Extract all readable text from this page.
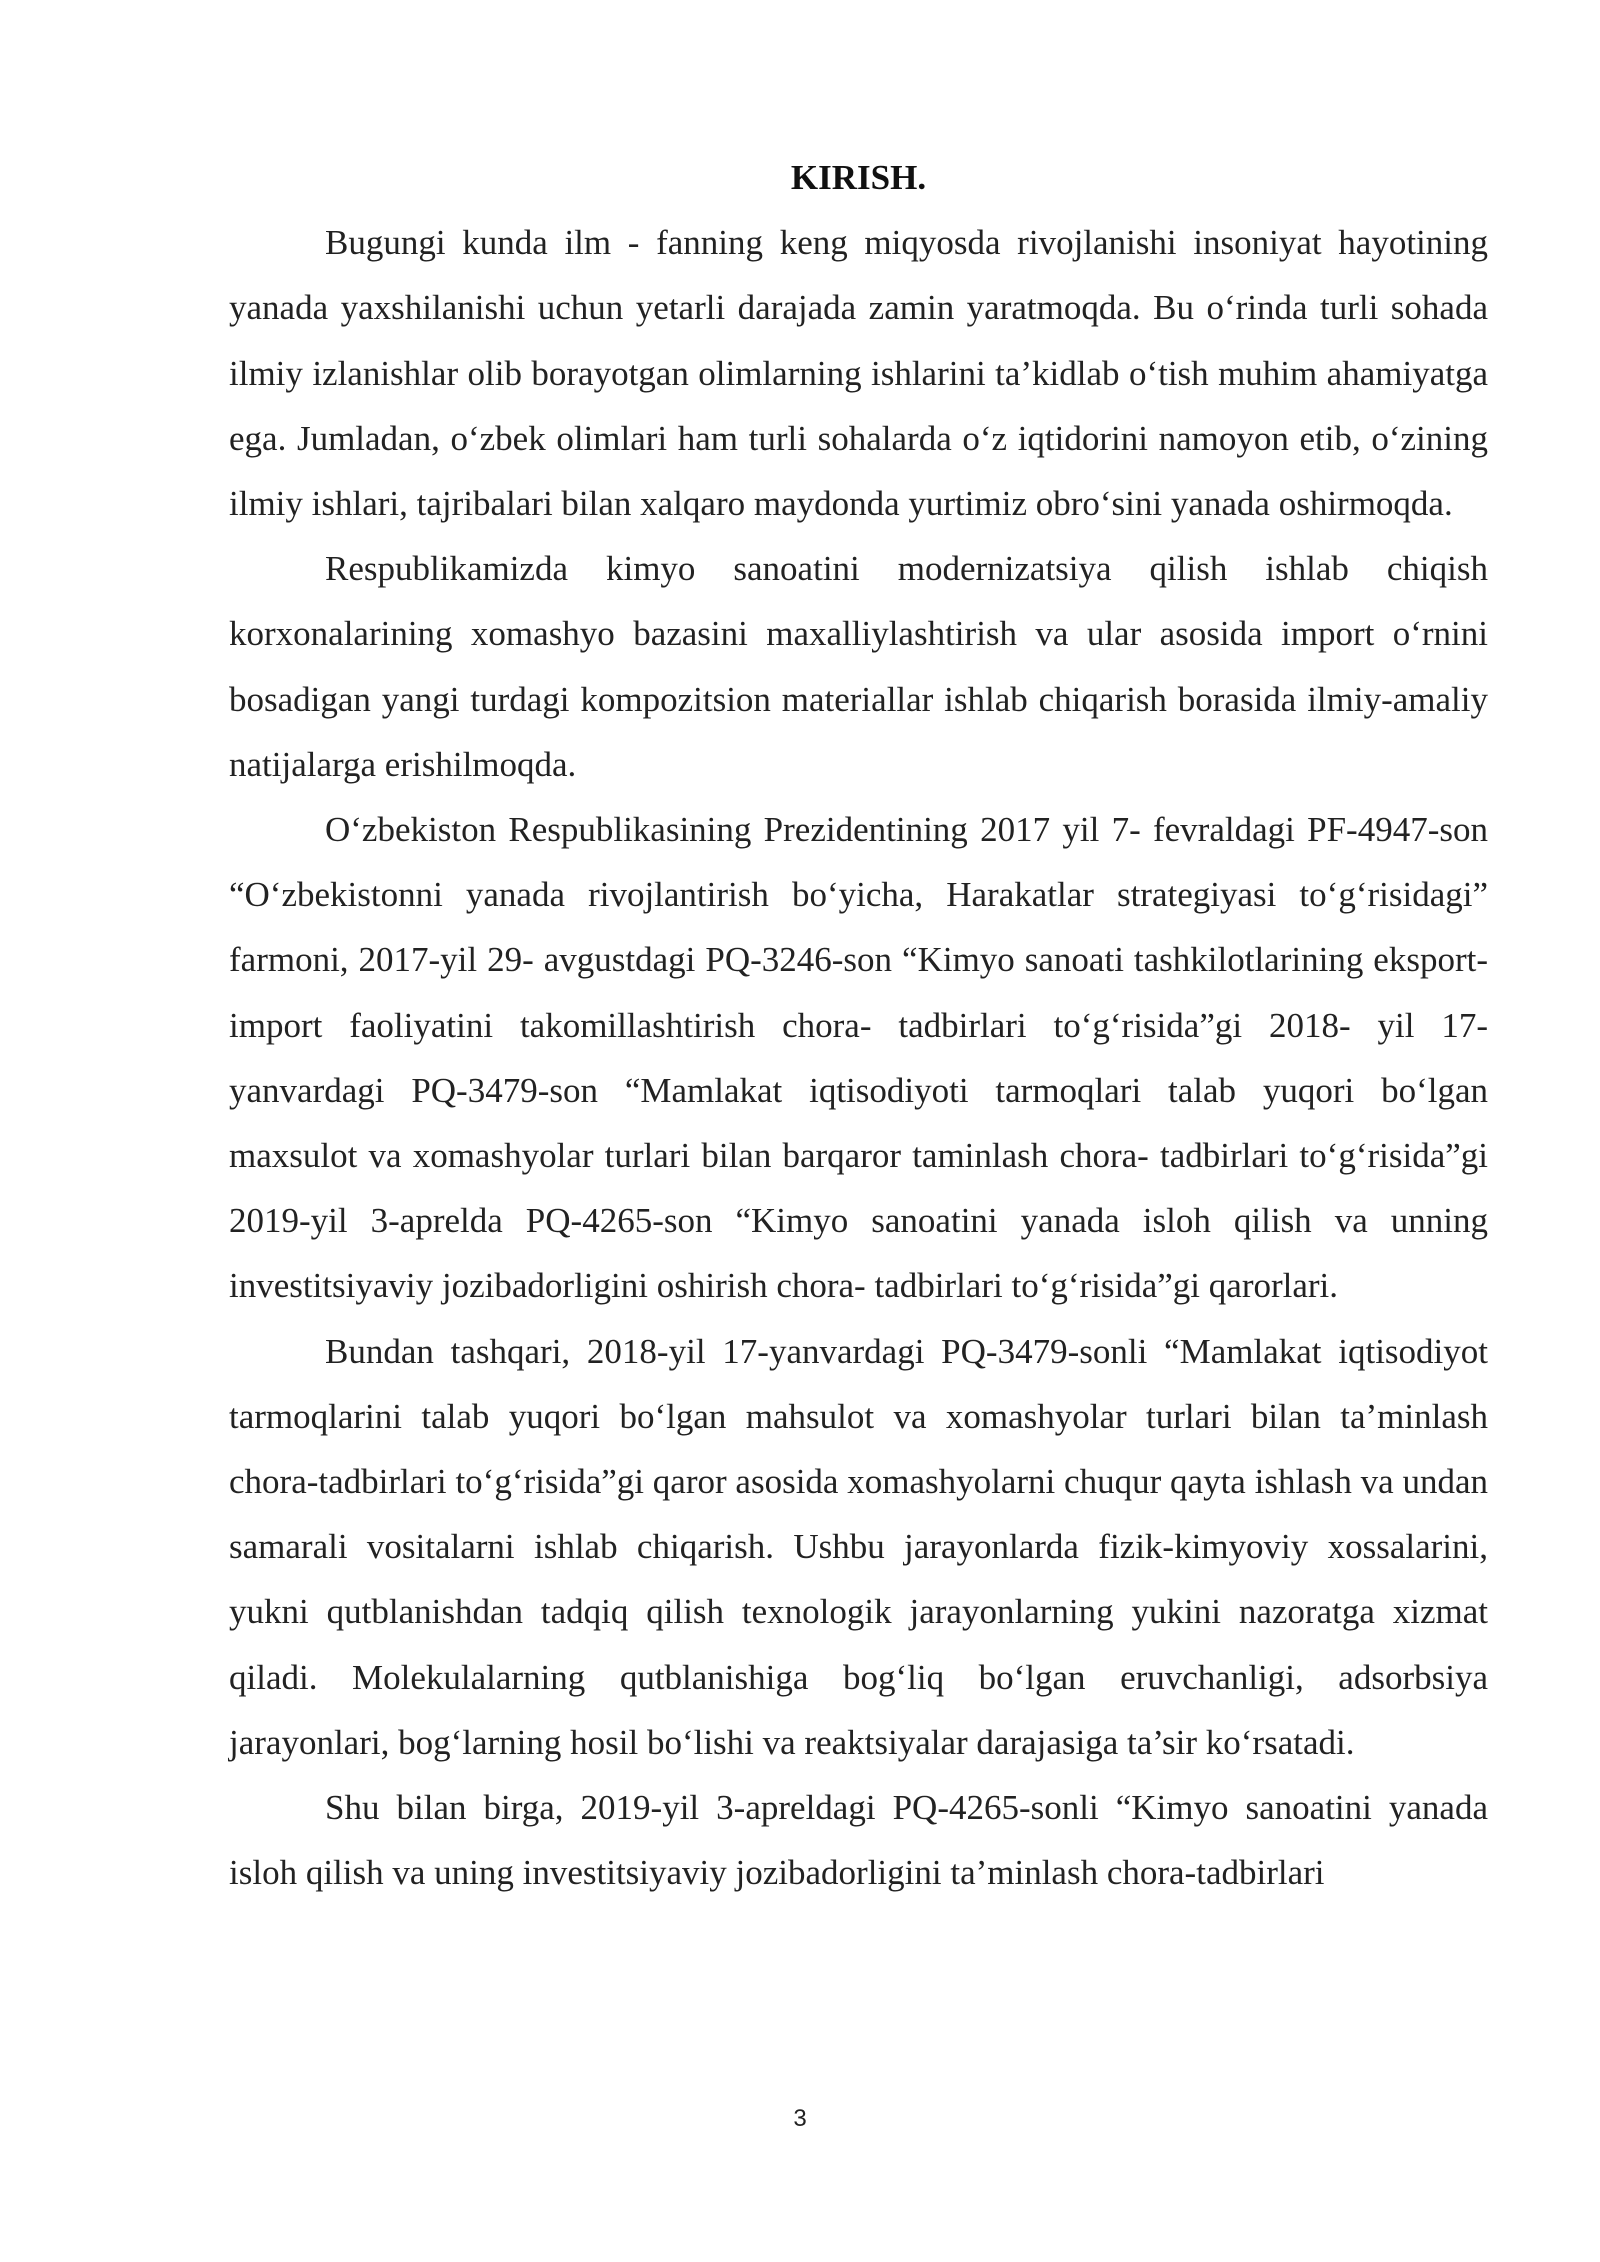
KIRISH.

Bugungi kunda ilm - fanning keng miqyosda rivojlanishi insoniyat hayotining yanada yaxshilanishi uchun yetarli darajada zamin yaratmoqda. Bu o‘rinda turli sohada ilmiy izlanishlar olib borayotgan olimlarning ishlarini ta’kidlab o‘tish muhim ahamiyatga ega. Jumladan, o‘zbek olimlari ham turli sohalarda o‘z iqtidorini namoyon etib, o‘zining ilmiy ishlari, tajribalari bilan xalqaro maydonda yurtimiz obro‘sini yanada oshirmoqda.

Respublikamizda kimyo sanoatini modernizatsiya qilish ishlab chiqish korxonalarining xomashyo bazasini maxalliylashtirish va ular asosida import o‘rnini bosadigan yangi turdagi kompozitsion materiallar ishlab chiqarish borasida ilmiy-amaliy natijalarga erishilmoqda.

O‘zbekiston Respublikasining Prezidentining 2017 yil 7- fevraldagi PF-4947-son “O‘zbekistonni yanada rivojlantirish bo‘yicha, Harakatlar strategiyasi to‘g‘risidagi” farmoni, 2017-yil 29- avgustdagi PQ-3246-son “Kimyo sanoati tashkilotlarining eksport-import faoliyatini takomillashtirish chora- tadbirlari to‘g‘risida”gi 2018- yil 17- yanvardagi PQ-3479-son “Mamlakat iqtisodiyoti tarmoqlari talab yuqori bo‘lgan maxsulot va xomashyolar turlari bilan barqaror taminlash chora- tadbirlari to‘g‘risida”gi 2019-yil 3-aprelda PQ-4265-son “Kimyo sanoatini yanada isloh qilish va unning investitsiyaviy jozibadorligini oshirish chora- tadbirlari to‘g‘risida”gi qarorlari.

Bundan tashqari, 2018-yil 17-yanvardagi PQ-3479-sonli “Mamlakat iqtisodiyot tarmoqlarini talab yuqori bo‘lgan mahsulot va xomashyolar turlari bilan ta’minlash chora-tadbirlari to‘g‘risida”gi qaror asosida xomashyolarni chuqur qayta ishlash va undan samarali vositalarni ishlab chiqarish. Ushbu jarayonlarda fizik-kimyoviy xossalarini, yukni qutblanishdan tadqiq qilish texnologik jarayonlarning yukini nazoratga xizmat qiladi. Molekulalarning qutblanishiga bog‘liq bo‘lgan eruvchanligi, adsorbsiya jarayonlari, bog‘larning hosil bo‘lishi va reaktsiyalar darajasiga ta’sir ko‘rsatadi.

Shu bilan birga, 2019-yil 3-apreldagi PQ-4265-sonli “Kimyo sanoatini yanada isloh qilish va uning investitsiyaviy jozibadorligini ta’minlash chora-tadbirlari

3
